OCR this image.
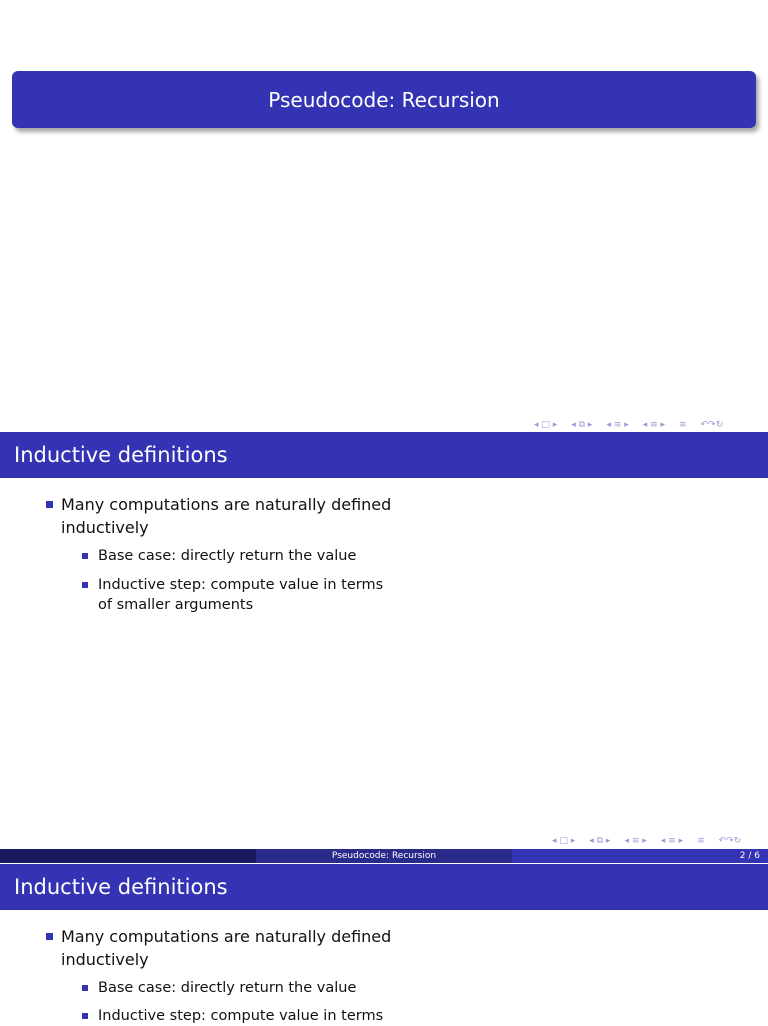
Pseudocode: Recursion
◂ □ ▸ ◂ ⧉ ▸ ◂ ≡ ▸ ◂ ≡ ▸ ≡ ↶↷↻
Inductive definitions
Many computations are naturally defined
inductively
Base case: directly return the value
Inductive step: compute value in terms
of smaller arguments
◂ □ ▸ ◂ ⧉ ▸ ◂ ≡ ▸ ◂ ≡ ▸ ≡ ↶↷↻
Pseudocode: Recursion	2 / 6
Inductive definitions
Many computations are naturally defined
inductively
Base case: directly return the value
Inductive step: compute value in terms
